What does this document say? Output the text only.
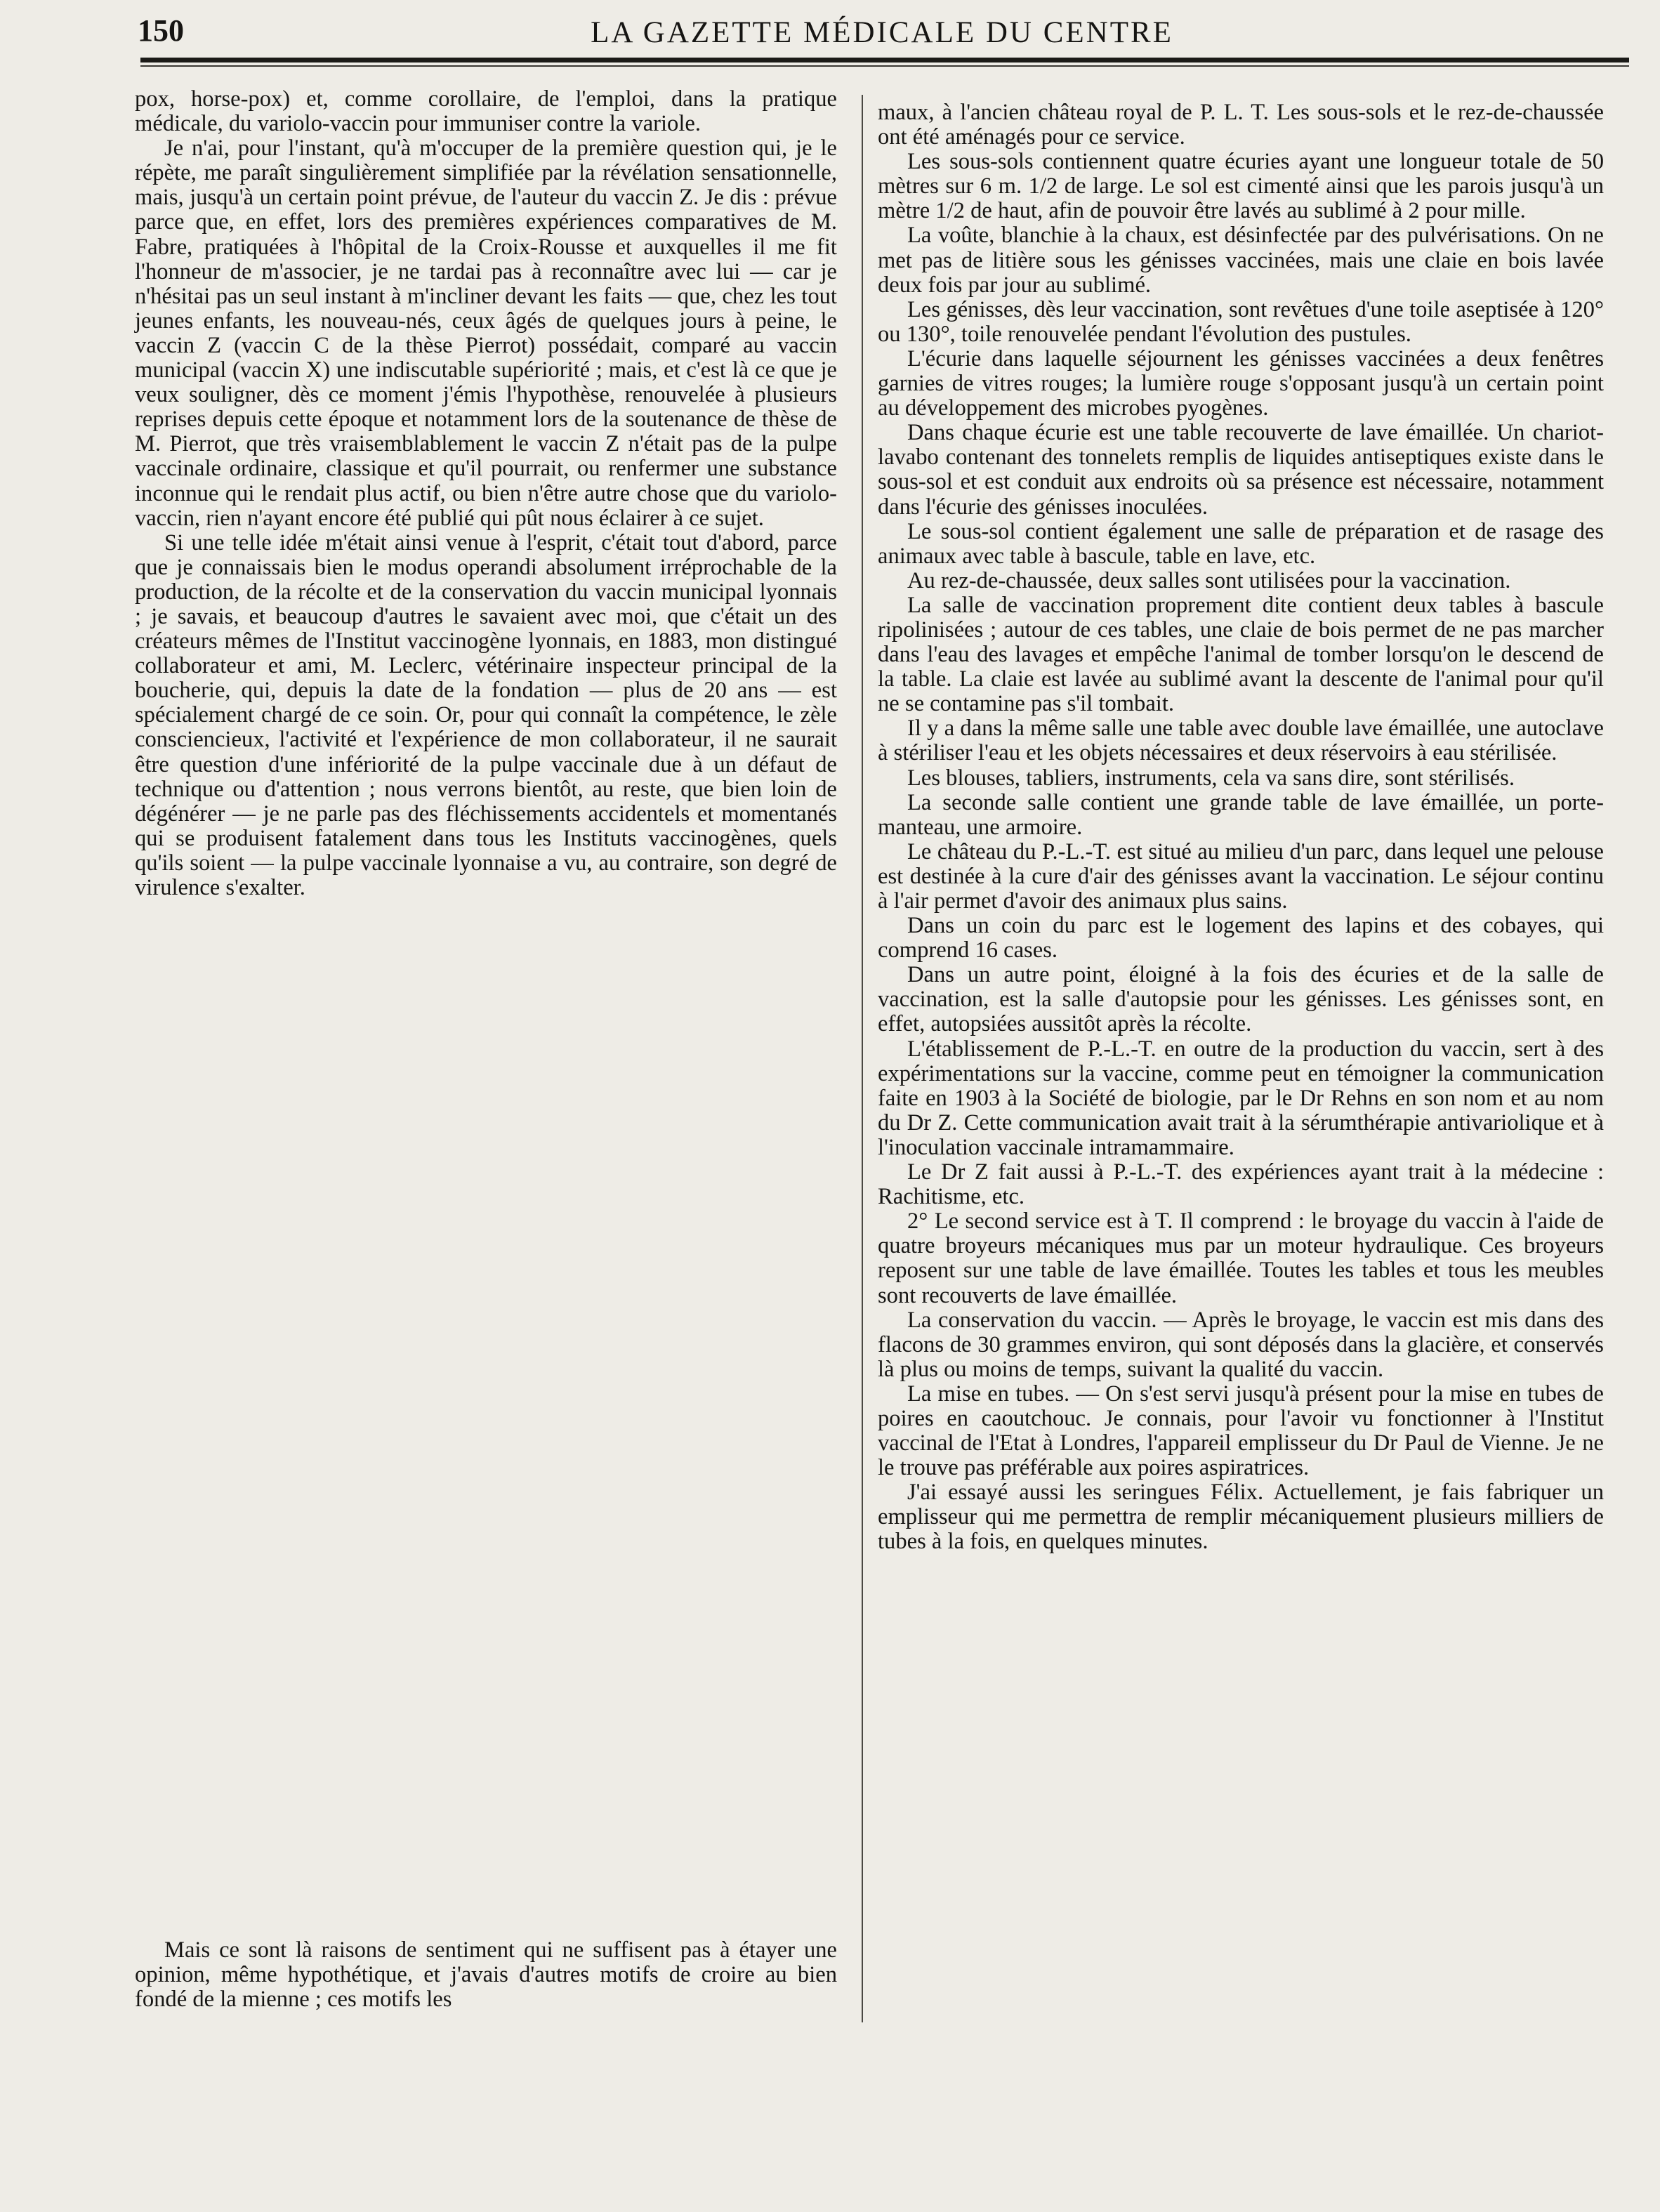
150	LA GAZETTE MÉDICALE DU CENTRE

pox, horse-pox) et, comme corollaire, de l'emploi, dans la pratique médicale, du variolo-vaccin pour immuniser contre la variole.

Je n'ai, pour l'instant, qu'à m'occuper de la première question qui, je le répète, me paraît singulièrement simplifiée par la révélation sensationnelle, mais, jusqu'à un certain point prévue, de l'auteur du vaccin Z. Je dis : prévue parce que, en effet, lors des premières expériences comparatives de M. Fabre, pratiquées à l'hôpital de la Croix-Rousse et auxquelles il me fit l'honneur de m'associer, je ne tardai pas à reconnaître avec lui — car je n'hésitai pas un seul instant à m'incliner devant les faits — que, chez les tout jeunes enfants, les nouveau-nés, ceux âgés de quelques jours à peine, le vaccin Z (vaccin C de la thèse Pierrot) possédait, comparé au vaccin municipal (vaccin X) une indiscutable supériorité ; mais, et c'est là ce que je veux souligner, dès ce moment j'émis l'hypothèse, renouvelée à plusieurs reprises depuis cette époque et notamment lors de la soutenance de thèse de M. Pierrot, que très vraisemblablement le vaccin Z n'était pas de la pulpe vaccinale ordinaire, classique et qu'il pourrait, ou renfermer une substance inconnue qui le rendait plus actif, ou bien n'être autre chose que du variolo-vaccin, rien n'ayant encore été publié qui pût nous éclairer à ce sujet.

Si une telle idée m'était ainsi venue à l'esprit, c'était tout d'abord, parce que je connaissais bien le modus operandi absolument irréprochable de la production, de la récolte et de la conservation du vaccin municipal lyonnais ; je savais, et beaucoup d'autres le savaient avec moi, que c'était un des créateurs mêmes de l'Institut vaccinogène lyonnais, en 1883, mon distingué collaborateur et ami, M. Leclerc, vétérinaire inspecteur principal de la boucherie, qui, depuis la date de la fondation — plus de 20 ans — est spécialement chargé de ce soin. Or, pour qui connaît la compétence, le zèle consciencieux, l'activité et l'expérience de mon collaborateur, il ne saurait être question d'une infériorité de la pulpe vaccinale due à un défaut de technique ou d'attention ; nous verrons bientôt, au reste, que bien loin de dégénérer — je ne parle pas des fléchissements accidentels et momentanés qui se produisent fatalement dans tous les Instituts vaccinogènes, quels qu'ils soient — la pulpe vaccinale lyonnaise a vu, au contraire, son degré de virulence s'exalter.

Mais ce sont là raisons de sentiment qui ne suffisent pas à étayer une opinion, même hypothétique, et j'avais d'autres motifs de croire au bien fondé de la mienne ; ces motifs les

maux, à l'ancien château royal de P. L. T. Les sous-sols et le rez-de-chaussée ont été aménagés pour ce service.

Les sous-sols contiennent quatre écuries ayant une longueur totale de 50 mètres sur 6 m. 1/2 de large. Le sol est cimenté ainsi que les parois jusqu'à un mètre 1/2 de haut, afin de pouvoir être lavés au sublimé à 2 pour mille.

La voûte, blanchie à la chaux, est désinfectée par des pulvérisations. On ne met pas de litière sous les génisses vaccinées, mais une claie en bois lavée deux fois par jour au sublimé.

Les génisses, dès leur vaccination, sont revêtues d'une toile aseptisée à 120° ou 130°, toile renouvelée pendant l'évolution des pustules.

L'écurie dans laquelle séjournent les génisses vaccinées a deux fenêtres garnies de vitres rouges; la lumière rouge s'opposant jusqu'à un certain point au développement des microbes pyogènes.

Dans chaque écurie est une table recouverte de lave émaillée. Un chariot-lavabo contenant des tonnelets remplis de liquides antiseptiques existe dans le sous-sol et est conduit aux endroits où sa présence est nécessaire, notamment dans l'écurie des génisses inoculées.

Le sous-sol contient également une salle de préparation et de rasage des animaux avec table à bascule, table en lave, etc.

Au rez-de-chaussée, deux salles sont utilisées pour la vaccination.

La salle de vaccination proprement dite contient deux tables à bascule ripolinisées ; autour de ces tables, une claie de bois permet de ne pas marcher dans l'eau des lavages et empêche l'animal de tomber lorsqu'on le descend de la table. La claie est lavée au sublimé avant la descente de l'animal pour qu'il ne se contamine pas s'il tombait.

Il y a dans la même salle une table avec double lave émaillée, une autoclave à stériliser l'eau et les objets nécessaires et deux réservoirs à eau stérilisée.

Les blouses, tabliers, instruments, cela va sans dire, sont stérilisés.

La seconde salle contient une grande table de lave émaillée, un porte-manteau, une armoire.

Le château du P.-L.-T. est situé au milieu d'un parc, dans lequel une pelouse est destinée à la cure d'air des génisses avant la vaccination. Le séjour continu à l'air permet d'avoir des animaux plus sains.

Dans un coin du parc est le logement des lapins et des cobayes, qui comprend 16 cases.

Dans un autre point, éloigné à la fois des écuries et de la salle de vaccination, est la salle d'autopsie pour les génisses. Les génisses sont, en effet, autopsiées aussitôt après la récolte.

L'établissement de P.-L.-T. en outre de la production du vaccin, sert à des expérimentations sur la vaccine, comme peut en témoigner la communication faite en 1903 à la Société de biologie, par le Dr Rehns en son nom et au nom du Dr Z. Cette communication avait trait à la sérumthérapie antivariolique et à l'inoculation vaccinale intramammaire.

Le Dr Z fait aussi à P.-L.-T. des expériences ayant trait à la médecine : Rachitisme, etc.

2° Le second service est à T. Il comprend : le broyage du vaccin à l'aide de quatre broyeurs mécaniques mus par un moteur hydraulique. Ces broyeurs reposent sur une table de lave émaillée. Toutes les tables et tous les meubles sont recouverts de lave émaillée.

La conservation du vaccin. — Après le broyage, le vaccin est mis dans des flacons de 30 grammes environ, qui sont déposés dans la glacière, et conservés là plus ou moins de temps, suivant la qualité du vaccin.

La mise en tubes. — On s'est servi jusqu'à présent pour la mise en tubes de poires en caoutchouc. Je connais, pour l'avoir vu fonctionner à l'Institut vaccinal de l'Etat à Londres, l'appareil emplisseur du Dr Paul de Vienne. Je ne le trouve pas préférable aux poires aspiratrices.

J'ai essayé aussi les seringues Félix. Actuellement, je fais fabriquer un emplisseur qui me permettra de remplir mécaniquement plusieurs milliers de tubes à la fois, en quelques minutes.
